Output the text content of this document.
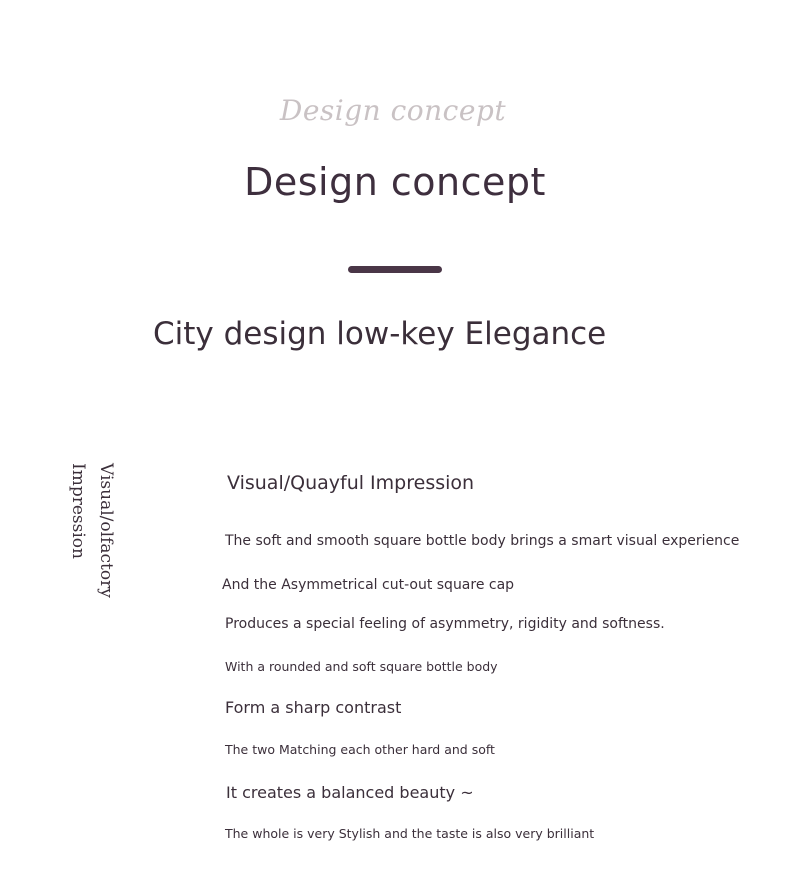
Design concept
Design concept
City design low-key Elegance
Visual/olfactory
Impression	Visual/Quayful Impression
The soft and smooth square bottle body brings a smart visual experience
And the Asymmetrical cut-out square cap
Produces a special feeling of asymmetry, rigidity and softness.
With a rounded and soft square bottle body
Form a sharp contrast
The two Matching each other hard and soft
It creates a balanced beauty ~
The whole is very Stylish and the taste is also very brilliant
